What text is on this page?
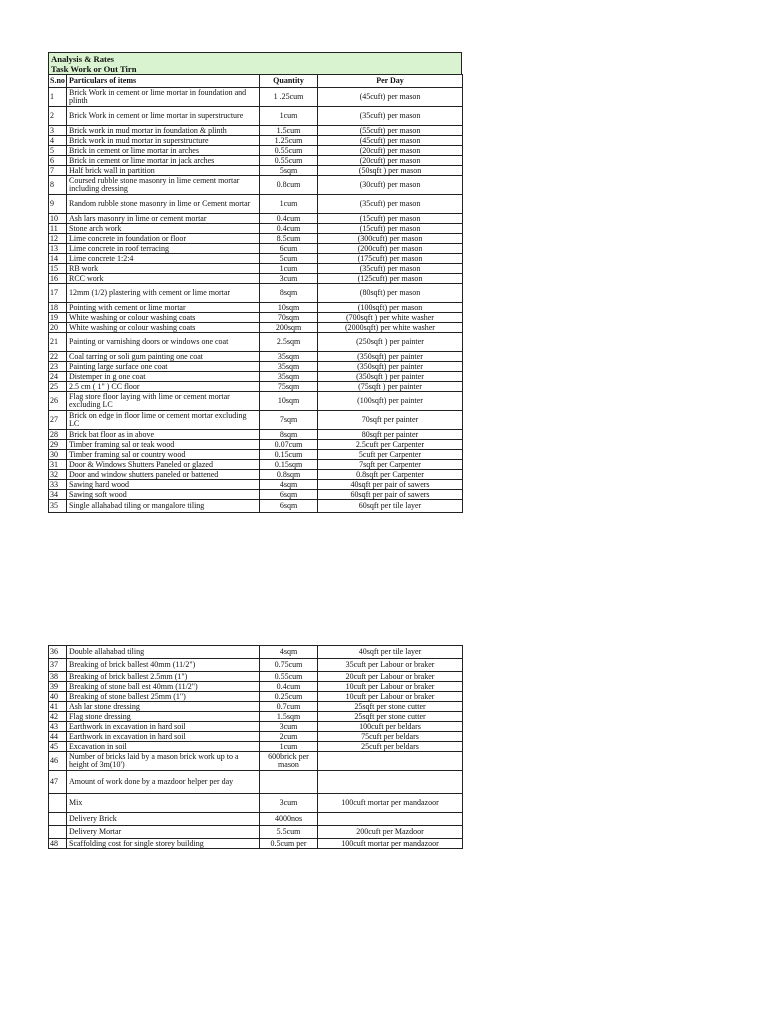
Analysis & Rates
Task Work or Out Tirn
S.no	Particulars of items	Quantity	Per Day
1	Brick Work in cement or lime mortar in foundation and plinth	1 .25cum	(45cuft) per mason
2	Brick Work in cement or lime mortar in superstructure	1cum	(35cuft) per mason
3	Brick work in mud mortar in foundation & plinth	1.5cum	(55cuft) per mason
4	Brick work in mud mortar in superstructure	1.25cum	(45cuft) per mason
5	Brick in cement or lime mortar in arches	0.55cum	(20cuft) per mason
6	Brick in cement or lime mortar in jack arches	0.55cum	(20cuft) per mason
7	Half brick wall in partition	5sqm	(50sqft ) per mason
8	Coursed rubble stone masonry in lime cement mortar including dressing	0.8cum	(30cuft) per mason
9	Random rubble stone masonry in lime or Cement mortar	1cum	(35cuft) per mason
10	Ash lars masonry in lime or cement mortar	0.4cum	(15cuft) per mason
11	Stone arch work	0.4cum	(15cuft) per mason
12	Lime concrete in foundation or floor	8.5cum	(300cuft) per mason
13	Lime concrete in roof terracing	6cum	(200cuft) per mason
14	Lime concrete 1:2:4	5cum	(175cuft) per mason
15	RB work	1cum	(35cuft) per mason
16	RCC work	3cum	(125cuft) per mason
17	12mm (1/2) plastering with cement or lime mortar	8sqm	(80sqft) per mason
18	Pointing with cement or lime mortar	10sqm	(100sqft) per mason
19	White washing or colour washing coats	70sqm	(700sqft ) per white washer
20	White washing or colour washing coats	200sqm	(2000sqft) per white washer
21	Painting or varnishing doors or windows one coat	2.5sqm	(250sqft ) per painter
22	Coal tarring or soli gum painting one coat	35sqm	(350sqft) per painter
23	Painting large surface one coat	35sqm	(350sqft) per painter
24	Distemper in g one coat	35sqm	(350sqft ) per painter
25	2.5 cm ( 1" ) CC floor	75sqm	(75sqft ) per painter
26	Flag store floor laying with lime or cement mortar excluding LC	10sqm	(100sqft) per painter
27	Brick on edge in floor lime or cement mortar excluding LC	7sqm	70sqft per painter
28	Brick bat floor as in above	8sqm	80sqft per painter
29	Timber framing sal or teak wood	0.07cum	2.5cuft per Carpenter
30	Timber framing sal or country wood	0.15cum	5cuft per Carpenter
31	Door & Windows Shutters Paneled or glazed	0.15sqm	7sqft per Carpenter
32	Door and window shutters paneled or battened	0.8sqm	0.8sqft per Carpenter
33	Sawing hard wood	4sqm	40sqft per pair of sawers
34	Sawing soft wood	6sqm	60sqft per pair of sawers
35	Single allahabad tiling or mangalore tiling	6sqm	60sqft per tile layer
36	Double allahabad tiling	4sqm	40sqft per tile layer
37	Breaking of brick ballest 40mm (11/2")	0.75cum	35cuft per Labour or braker
38	Breaking of brick ballest 2.5mm (1")	0.55cum	20cuft per Labour or braker
39	Breaking of stone ball est 40mm (11/2")	0.4cum	10cuft per Labour or braker
40	Breaking of stone ballest 25mm (1")	0.25cum	10cuft per Labour or braker
41	Ash lar stone dressing	0.7cum	25sqft per stone cutter
42	Flag stone dressing	1.5sqm	25sqft per stone cutter
43	Earthwork in excavation in hard soil	3cum	100cuft per beldars
44	Earthwork in excavation in hard soil	2cum	75cuft per beldars
45	Excavation in soil	1cum	25cuft per beldars
46	Number of bricks laid by a mason brick work up to a height of 3m(10')	600brick per mason	
47	Amount of work done by a mazdoor helper per day		
	Mix	3cum	100cuft mortar per mandazoor
	Delivery Brick	4000nos	
	Delivery Mortar	5.5cum	200cuft per Mazdoor
48	Scaffolding cost for single storey building	0.5cum per	100cuft mortar per mandazoor
